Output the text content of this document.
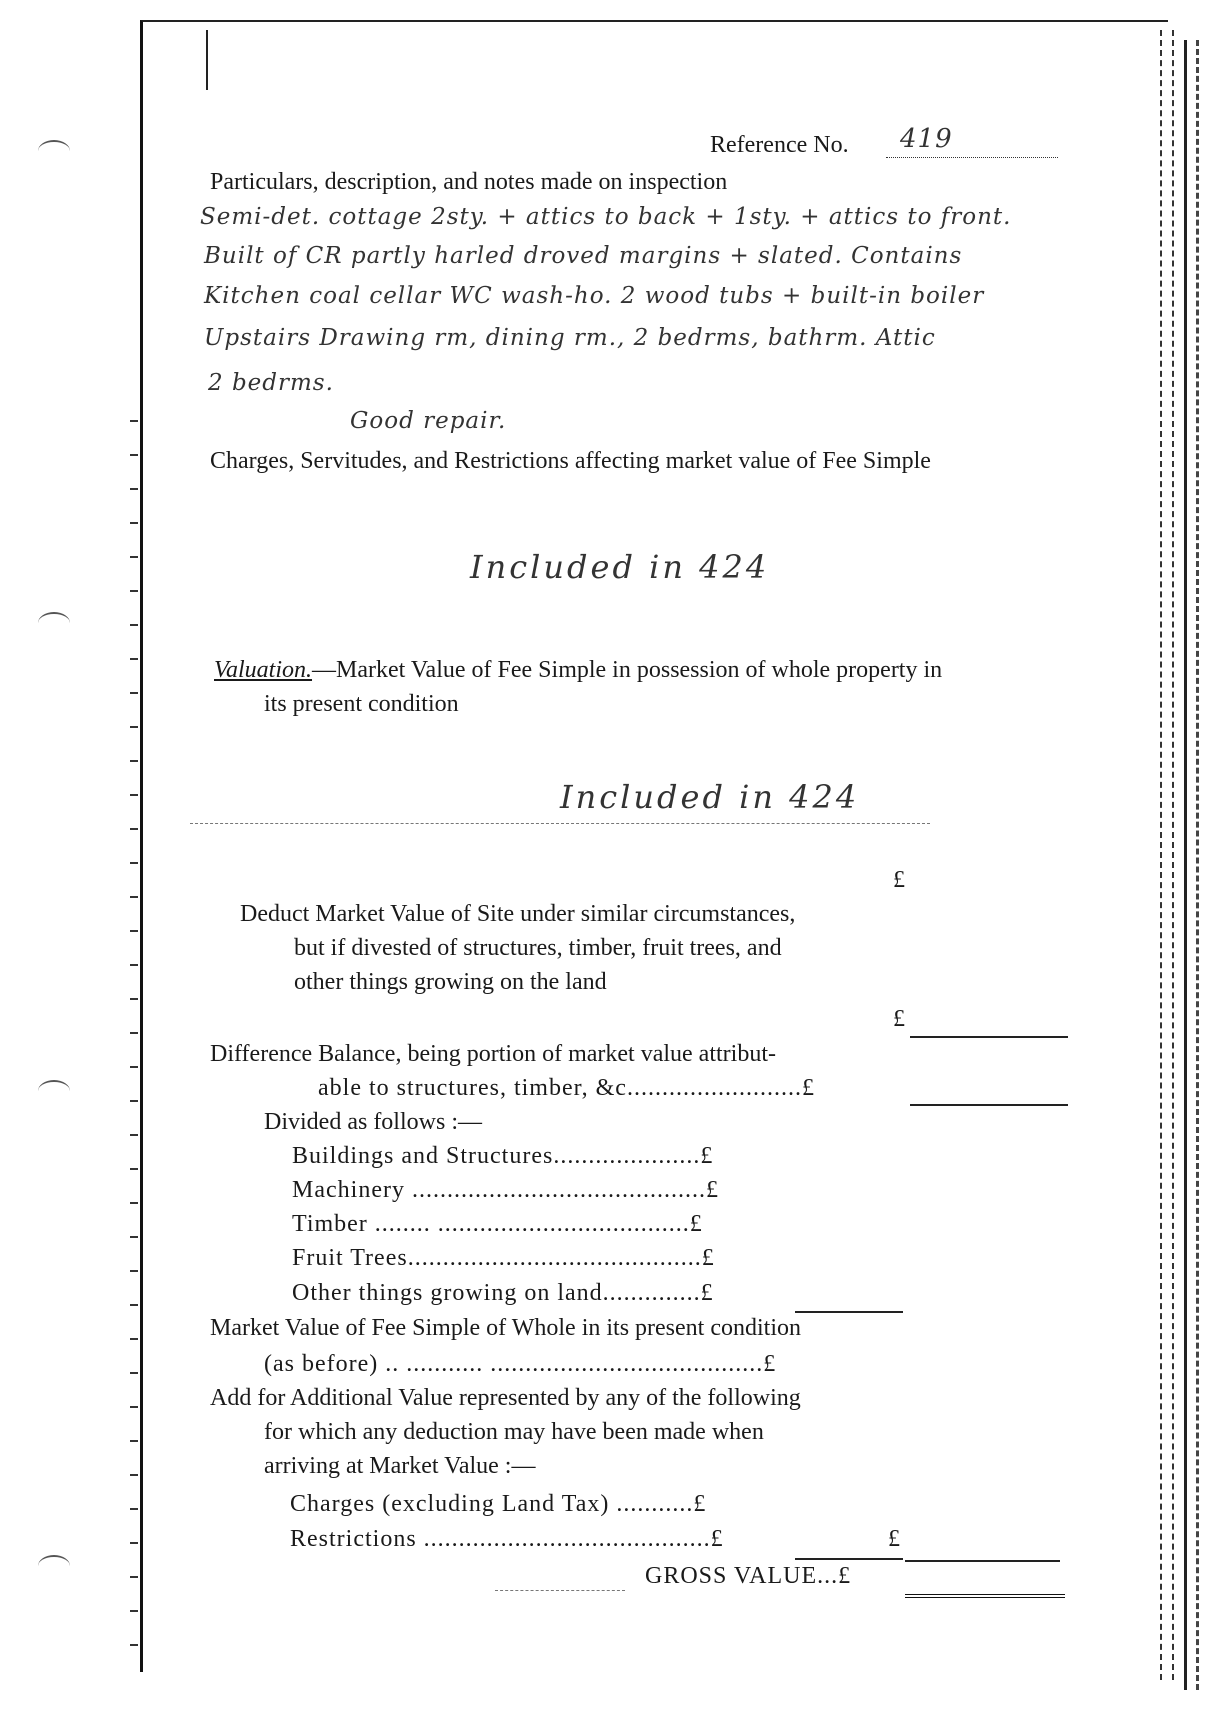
Reference No. 419
Particulars, description, and notes made on inspection
Semi-det. cottage 2sty. + attics to back + 1sty. + attics to front.
Built of CR partly harled droved margins + slated. Contains
Kitchen coal cellar WC wash-ho. 2 wood tubs + built-in boiler
Upstairs Drawing rm, dining rm., 2 bedrms, bathrm. Attic
2 bedrms.
Good repair.
Charges, Servitudes, and Restrictions affecting market value of Fee Simple
Included in 424
Valuation.—Market Value of Fee Simple in possession of whole property in
its present condition
Included in 424
£
Deduct Market Value of Site under similar circumstances,
but if divested of structures, timber, fruit trees, and
other things growing on the land
£
Difference Balance, being portion of market value attribut-
able to structures, timber, &c.........................£
Divided as follows :—
Buildings and Structures.....................£
Machinery ..........................................£
Timber ........ ....................................£
Fruit Trees..........................................£
Other things growing on land..............£
Market Value of Fee Simple of Whole in its present condition
(as before) .. ........... .......................................£
Add for Additional Value represented by any of the following
for which any deduction may have been made when
arriving at Market Value :—
Charges (excluding Land Tax) ...........£
Restrictions .........................................£	£
GROSS VALUE...£
